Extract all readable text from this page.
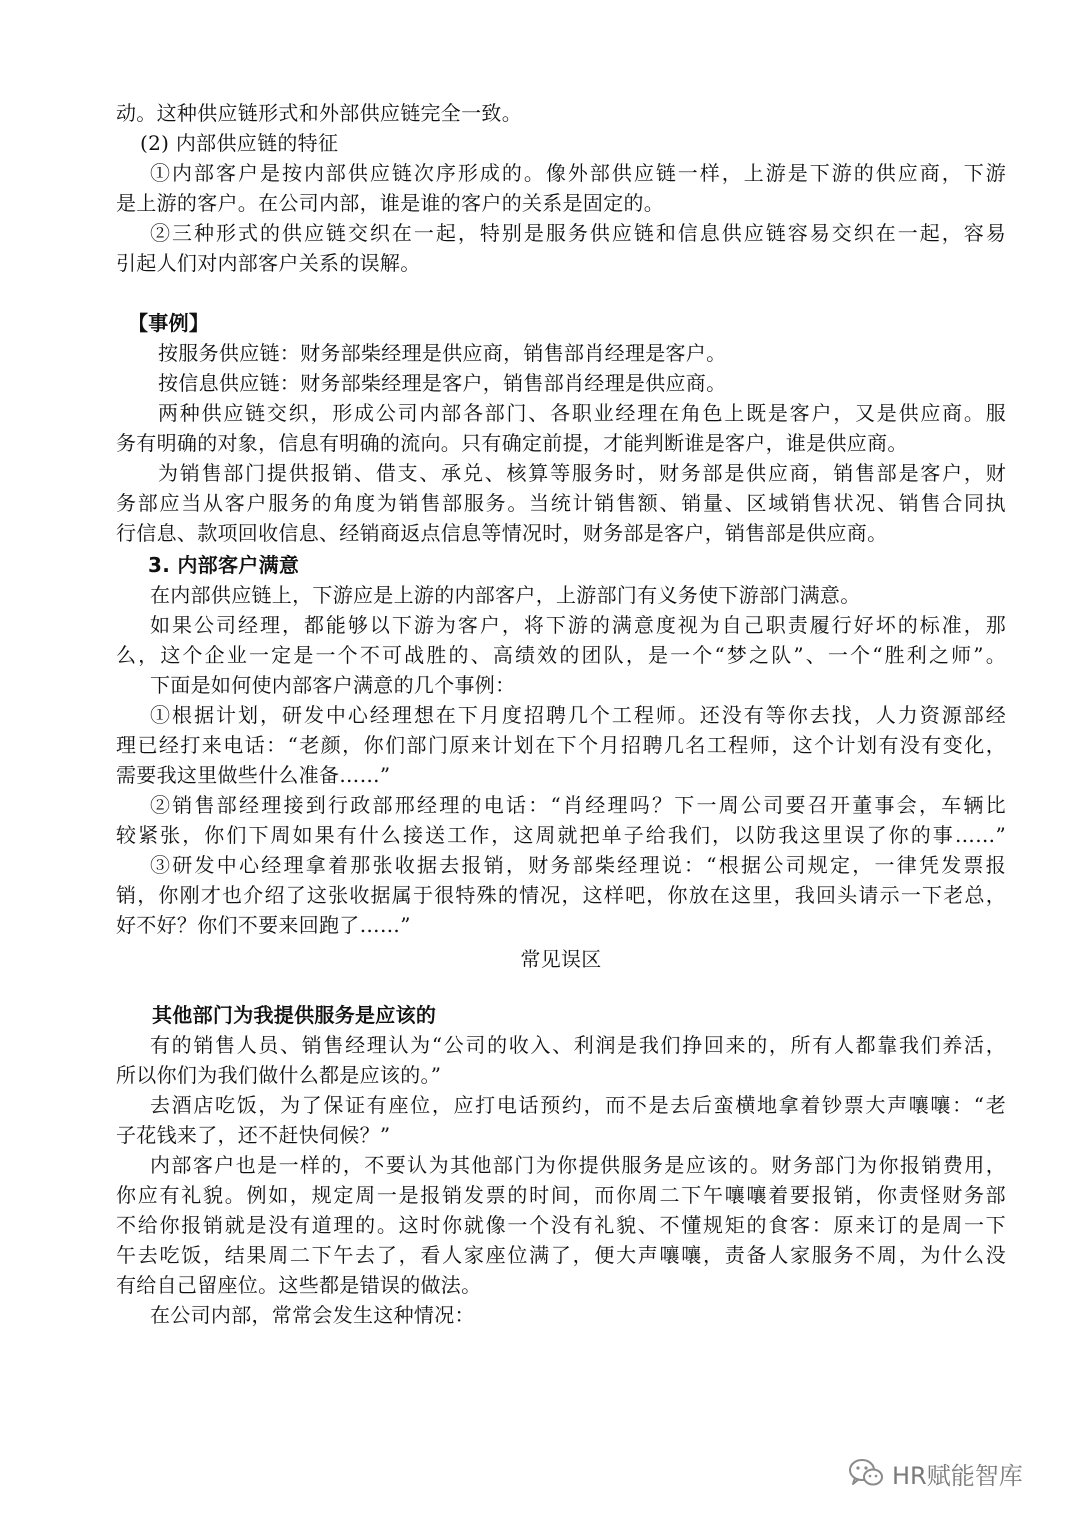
动。这种供应链形式和外部供应链完全一致。
(2) 内部供应链的特征
①内部客户是按内部供应链次序形成的。像外部供应链一样，上游是下游的供应商，下游
是上游的客户。在公司内部，谁是谁的客户的关系是固定的。
②三种形式的供应链交织在一起，特别是服务供应链和信息供应链容易交织在一起，容易
引起人们对内部客户关系的误解。
【事例】
按服务供应链：财务部柴经理是供应商，销售部肖经理是客户。
按信息供应链：财务部柴经理是客户，销售部肖经理是供应商。
两种供应链交织，形成公司内部各部门、各职业经理在角色上既是客户，又是供应商。服
务有明确的对象，信息有明确的流向。只有确定前提，才能判断谁是客户，谁是供应商。
为销售部门提供报销、借支、承兑、核算等服务时，财务部是供应商，销售部是客户，财
务部应当从客户服务的角度为销售部服务。当统计销售额、销量、区域销售状况、销售合同执
行信息、款项回收信息、经销商返点信息等情况时，财务部是客户，销售部是供应商。
3. 内部客户满意
在内部供应链上，下游应是上游的内部客户，上游部门有义务使下游部门满意。
如果公司经理，都能够以下游为客户，将下游的满意度视为自己职责履行好坏的标准，那
么，这个企业一定是一个不可战胜的、高绩效的团队，是一个“梦之队”、一个“胜利之师”。
下面是如何使内部客户满意的几个事例：
①根据计划，研发中心经理想在下月度招聘几个工程师。还没有等你去找，人力资源部经
理已经打来电话：“老颜，你们部门原来计划在下个月招聘几名工程师，这个计划有没有变化，
需要我这里做些什么准备……”
②销售部经理接到行政部邢经理的电话：“肖经理吗？下一周公司要召开董事会，车辆比
较紧张，你们下周如果有什么接送工作，这周就把单子给我们，以防我这里误了你的事……”
③研发中心经理拿着那张收据去报销，财务部柴经理说：“根据公司规定，一律凭发票报
销，你刚才也介绍了这张收据属于很特殊的情况，这样吧，你放在这里，我回头请示一下老总，
好不好？你们不要来回跑了……”
常见误区
其他部门为我提供服务是应该的
有的销售人员、销售经理认为“公司的收入、利润是我们挣回来的，所有人都靠我们养活，
所以你们为我们做什么都是应该的。”
去酒店吃饭，为了保证有座位，应打电话预约，而不是去后蛮横地拿着钞票大声嚷嚷：“老
子花钱来了，还不赶快伺候？”
内部客户也是一样的，不要认为其他部门为你提供服务是应该的。财务部门为你报销费用，
你应有礼貌。例如，规定周一是报销发票的时间，而你周二下午嚷嚷着要报销，你责怪财务部
不给你报销就是没有道理的。这时你就像一个没有礼貌、不懂规矩的食客：原来订的是周一下
午去吃饭，结果周二下午去了，看人家座位满了，便大声嚷嚷，责备人家服务不周，为什么没
有给自己留座位。这些都是错误的做法。
在公司内部，常常会发生这种情况：
HR赋能智库
